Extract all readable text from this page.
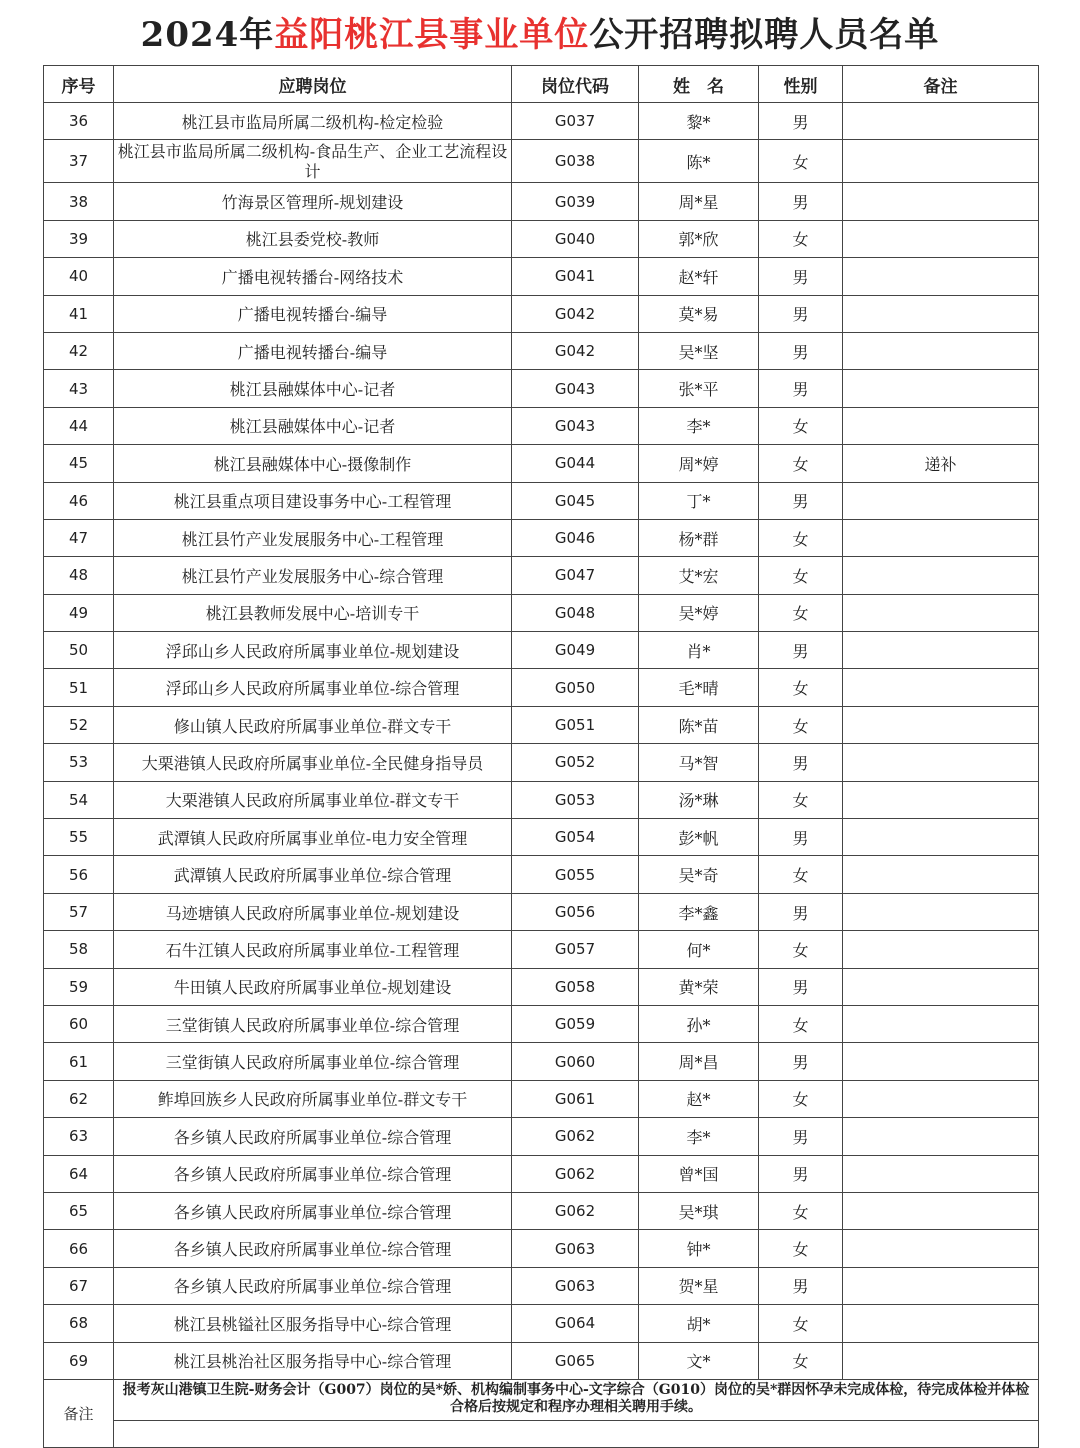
2024年益阳桃江县事业单位公开招聘拟聘人员名单
序号	应聘岗位	岗位代码	姓　名	性别	备注
36	桃江县市监局所属二级机构-检定检验	G037	黎*	男	
37	桃江县市监局所属二级机构-食品生产、企业工艺流程设计	G038	陈*	女	
38	竹海景区管理所-规划建设	G039	周*星	男	
39	桃江县委党校-教师	G040	郭*欣	女	
40	广播电视转播台-网络技术	G041	赵*轩	男	
41	广播电视转播台-编导	G042	莫*易	男	
42	广播电视转播台-编导	G042	吴*坚	男	
43	桃江县融媒体中心-记者	G043	张*平	男	
44	桃江县融媒体中心-记者	G043	李*	女	
45	桃江县融媒体中心-摄像制作	G044	周*婷	女	递补
46	桃江县重点项目建设事务中心-工程管理	G045	丁*	男	
47	桃江县竹产业发展服务中心-工程管理	G046	杨*群	女	
48	桃江县竹产业发展服务中心-综合管理	G047	艾*宏	女	
49	桃江县教师发展中心-培训专干	G048	吴*婷	女	
50	浮邱山乡人民政府所属事业单位-规划建设	G049	肖*	男	
51	浮邱山乡人民政府所属事业单位-综合管理	G050	毛*晴	女	
52	修山镇人民政府所属事业单位-群文专干	G051	陈*苗	女	
53	大栗港镇人民政府所属事业单位-全民健身指导员	G052	马*智	男	
54	大栗港镇人民政府所属事业单位-群文专干	G053	汤*琳	女	
55	武潭镇人民政府所属事业单位-电力安全管理	G054	彭*帆	男	
56	武潭镇人民政府所属事业单位-综合管理	G055	吴*奇	女	
57	马迹塘镇人民政府所属事业单位-规划建设	G056	李*鑫	男	
58	石牛江镇人民政府所属事业单位-工程管理	G057	何*	女	
59	牛田镇人民政府所属事业单位-规划建设	G058	黄*荣	男	
60	三堂街镇人民政府所属事业单位-综合管理	G059	孙*	女	
61	三堂街镇人民政府所属事业单位-综合管理	G060	周*昌	男	
62	鲊埠回族乡人民政府所属事业单位-群文专干	G061	赵*	女	
63	各乡镇人民政府所属事业单位-综合管理	G062	李*	男	
64	各乡镇人民政府所属事业单位-综合管理	G062	曾*国	男	
65	各乡镇人民政府所属事业单位-综合管理	G062	吴*琪	女	
66	各乡镇人民政府所属事业单位-综合管理	G063	钟*	女	
67	各乡镇人民政府所属事业单位-综合管理	G063	贺*星	男	
68	桃江县桃镒社区服务指导中心-综合管理	G064	胡*	女	
69	桃江县桃治社区服务指导中心-综合管理	G065	文*	女	
备注	报考灰山港镇卫生院-财务会计（G007）岗位的吴*娇、机构编制事务中心-文字综合（G010）岗位的吴*群因怀孕未完成体检，待完成体检并体检合格后按规定和程序办理相关聘用手续。				
